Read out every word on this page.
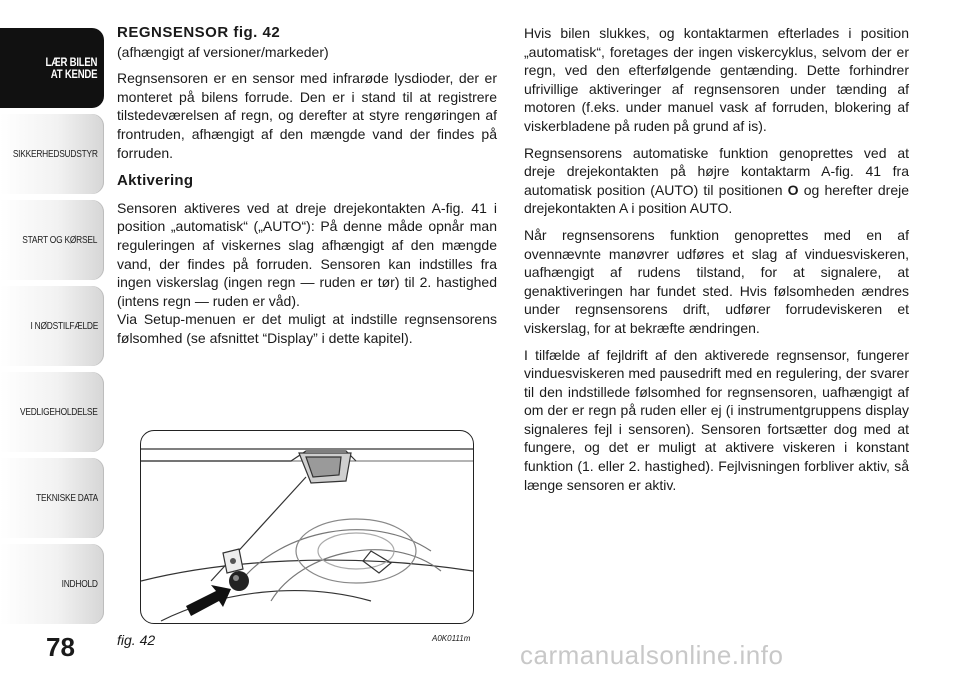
LÆR BILEN
AT KENDE
SIKKERHEDSUDSTYR
START OG KØRSEL
I NØDSTILFÆLDE
VEDLIGEHOLDELSE
TEKNISKE DATA
INDHOLD
78
REGNSENSOR fig. 42

(afhængigt af versioner/markeder)

Regnsensoren er en sensor med infrarøde lysdioder, der er monteret på bilens forrude. Den er i stand til at registrere tilstedeværelsen af regn, og derefter at styre rengøringen af frontruden, afhængigt af den mængde vand der findes på forruden.

Aktivering

Sensoren aktiveres ved at dreje drejekontakten A-fig. 41 i position „automatisk“ („AUTO“): På denne måde opnår man reguleringen af viskernes slag afhængigt af den mængde vand, der findes på forruden. Sensoren kan indstilles fra ingen viskerslag (ingen regn — ruden er tør) til 2. hastighed (intens regn — ruden er våd).

Via Setup-menuen er det muligt at indstille regnsensorens følsomhed (se afsnittet “Display” i dette kapitel).

Hvis bilen slukkes, og kontaktarmen efterlades i position „automatisk“, foretages der ingen viskercyklus, selvom der er regn, ved den efterfølgende gentænding. Dette forhindrer ufrivillige aktiveringer af regnsensoren under tænding af motoren (f.eks. under manuel vask af forruden, blokering af viskerbladene på ruden på grund af is).

Regnsensorens automatiske funktion genoprettes ved at dreje drejekontakten på højre kontaktarm A-fig. 41 fra automatisk position (AUTO) til positionen O og herefter dreje drejekontakten A i position AUTO.

Når regnsensorens funktion genoprettes med en af ovennævnte manøvrer udføres et slag af vinduesviskeren, uafhængigt af rudens tilstand, for at signalere, at genaktiveringen har fundet sted. Hvis følsomheden ændres under regnsensorens drift, udfører forrudeviskeren et viskerslag, for at bekræfte ændringen.

I tilfælde af fejldrift af den aktiverede regnsensor, fungerer vinduesviskeren med pausedrift med en regulering, der svarer til den indstillede følsomhed for regnsensoren, uafhængigt af om der er regn på ruden eller ej (i instrumentgruppens display signaleres fejl i sensoren). Sensoren fortsætter dog med at fungere, og det er muligt at aktivere viskeren i konstant funktion (1. eller 2. hastighed). Fejlvisningen forbliver aktiv, så længe sensoren er aktiv.

fig. 42	A0K0111m
carmanualsonline.info
